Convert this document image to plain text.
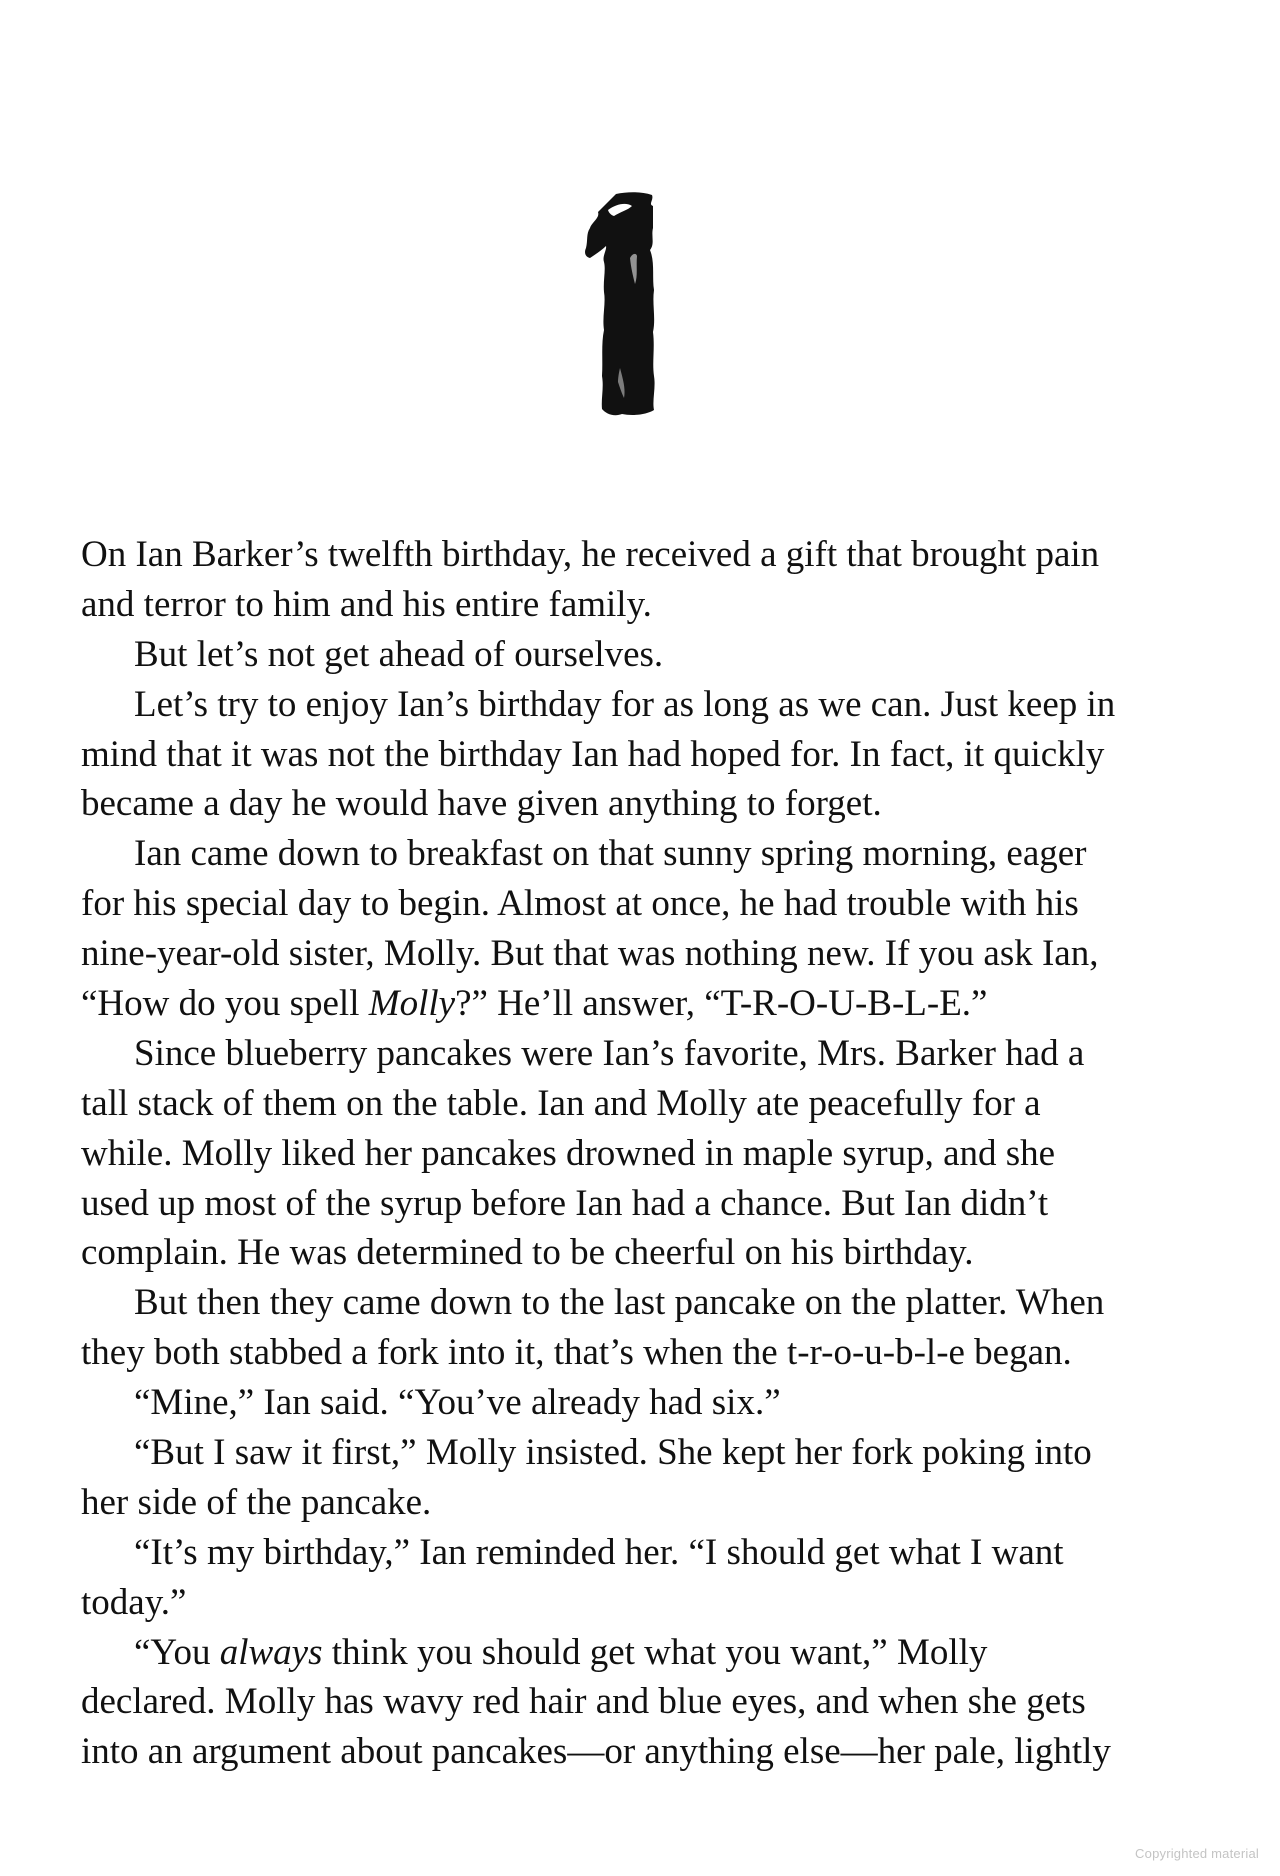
On Ian Barker’s twelfth birthday, he received a gift that brought pain
and terror to him and his entire family.
But let’s not get ahead of ourselves.
Let’s try to enjoy Ian’s birthday for as long as we can. Just keep in
mind that it was not the birthday Ian had hoped for. In fact, it quickly
became a day he would have given anything to forget.
Ian came down to breakfast on that sunny spring morning, eager
for his special day to begin. Almost at once, he had trouble with his
nine-year-old sister, Molly. But that was nothing new. If you ask Ian,
“How do you spell Molly?” He’ll answer, “T-R-O-U-B-L-E.”
Since blueberry pancakes were Ian’s favorite, Mrs. Barker had a
tall stack of them on the table. Ian and Molly ate peacefully for a
while. Molly liked her pancakes drowned in maple syrup, and she
used up most of the syrup before Ian had a chance. But Ian didn’t
complain. He was determined to be cheerful on his birthday.
But then they came down to the last pancake on the platter. When
they both stabbed a fork into it, that’s when the t-r-o-u-b-l-e began.
“Mine,” Ian said. “You’ve already had six.”
“But I saw it first,” Molly insisted. She kept her fork poking into
her side of the pancake.
“It’s my birthday,” Ian reminded her. “I should get what I want
today.”
“You always think you should get what you want,” Molly
declared. Molly has wavy red hair and blue eyes, and when she gets
into an argument about pancakes—or anything else—her pale, lightly
Copyrighted material
